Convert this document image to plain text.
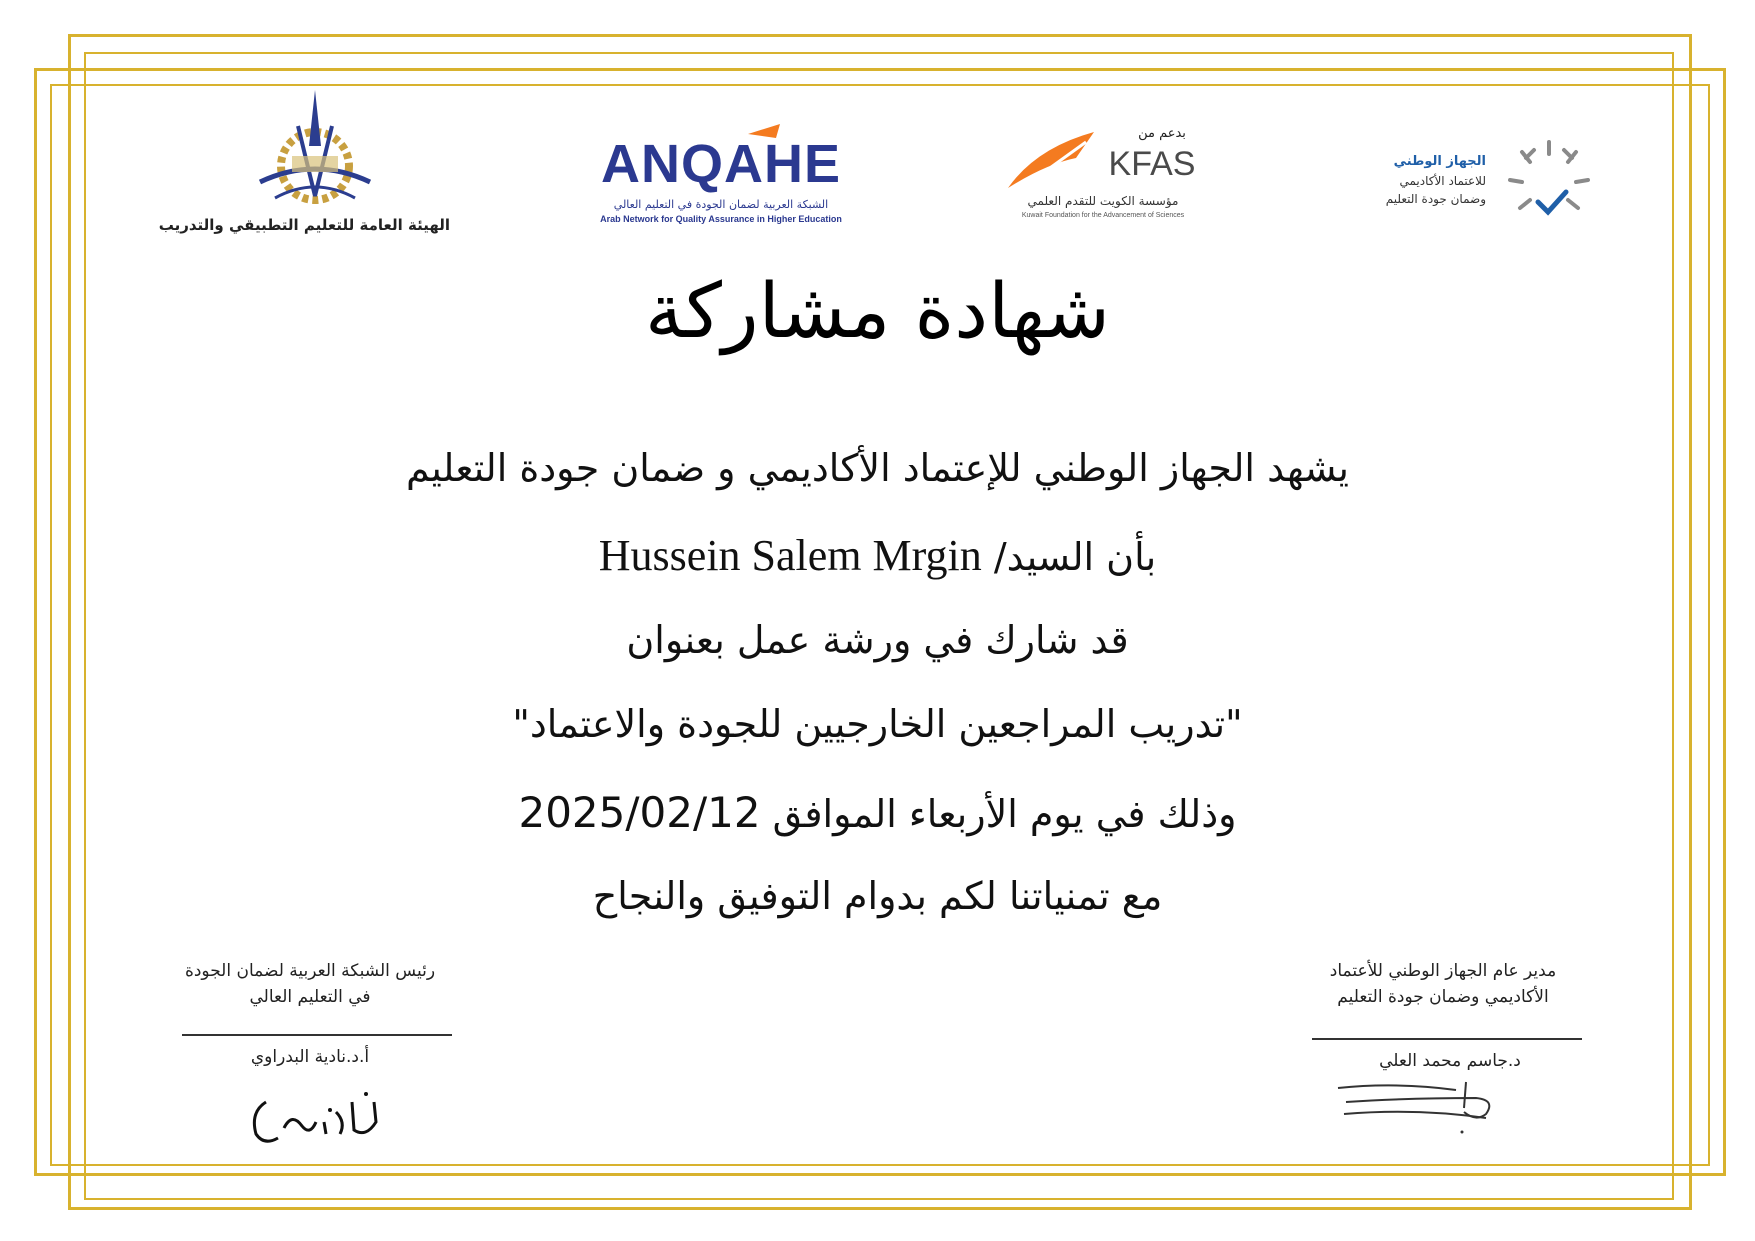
الهيئة العامة للتعليم التطبيقي والتدريب
ANQAHE
الشبكة العربية لضمان الجودة في التعليم العالي
Arab Network for Quality Assurance in Higher Education
بدعم من
KFAS
مؤسسة الكويت للتقدم العلمي
Kuwait Foundation for the Advancement of Sciences
الجهاز الوطني
للاعتماد الأكاديمي
وضمان جودة التعليم
شهادة مشاركة
يشهد الجهاز الوطني للإعتماد الأكاديمي و ضمان جودة التعليم
بأن السيد/ Hussein Salem Mrgin
قد شارك في ورشة عمل بعنوان
"تدريب المراجعين الخارجيين للجودة والاعتماد"
وذلك في يوم الأربعاء الموافق 2025/02/12
مع تمنياتنا لكم بدوام التوفيق والنجاح
رئيس الشبكة العربية لضمان الجودة
في التعليم العالي
أ.د.نادية البدراوي
مدير عام الجهاز الوطني للأعتماد
الأكاديمي وضمان جودة التعليم
د.جاسم محمد العلي
